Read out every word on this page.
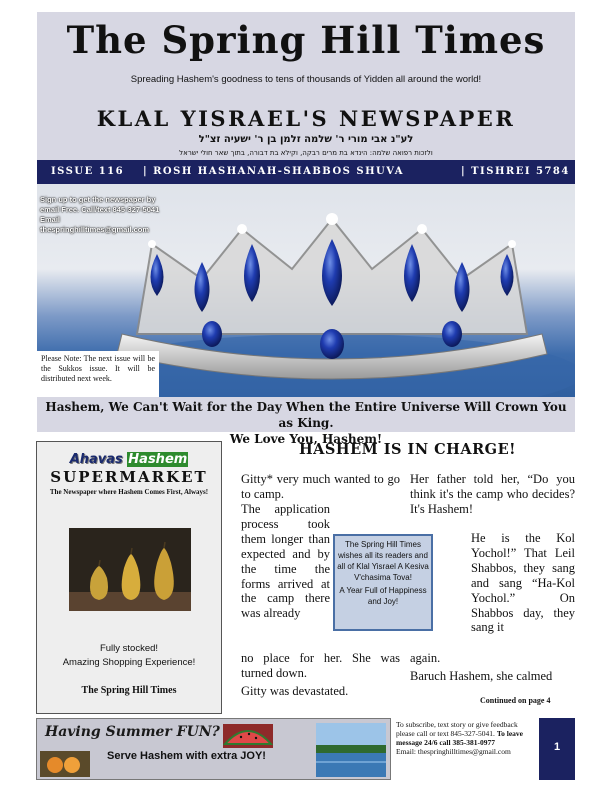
The Spring Hill Times
Spreading Hashem's goodness to tens of thousands of Yidden all around the world!
KLAL YISRAEL'S NEWSPAPER
לע"נ אבי מורי ר' שלמה זלמן בן ר' ישעיה זצ"ל
ולזכות רפואה שלמה: הינדא בת מרים רבקה, וקילא בת דבורה, בתוך שאר חולי ישראל
ISSUE 116 | ROSH HASHANAH-SHABBOS SHUVA	| TISHREI 5784
Sign up to get the newspaper by email Free. Call/text 845-327-5041 Email thespringhilltimes@gmail.com
Please Note: The next issue will be the Sukkos issue. It will be distributed next week.
Hashem, We Can't Wait for the Day When the Entire Universe Will Crown You as King.
We Love You, Hashem!
Ahavas Hashem
SUPERMARKET
The Newspaper where Hashem Comes First, Always!
Fully stocked!
Amazing Shopping Experience!
The Spring Hill Times
HASHEM IS IN CHARGE!
Gitty* very much wanted to go to camp.
The application process took them longer than expected and by the time the forms arrived at the camp there was already
no place for her. She was turned down.
Gitty was devastated.
Her father told her, “Do you think it's the camp who decides? It's Hashem!
He is the Kol Yochol!” That Leil Shabbos, they sang and sang “Ha-Kol Yochol.” On Shabbos day, they sang it
again.
Baruch Hashem, she calmed
The Spring Hill Times wishes all its readers and all of Klal Yisrael A Kesiva V'chasima Tova!
A Year Full of Happiness and Joy!
Continued on page 4
Having Summer FUN?
Serve Hashem with extra JOY!
To subscribe, text story or give feedback please call or text 845-327-5041. To leave message 24/6 call 385-381-0977
Email: thespringhilltimes@gmail.com	1
